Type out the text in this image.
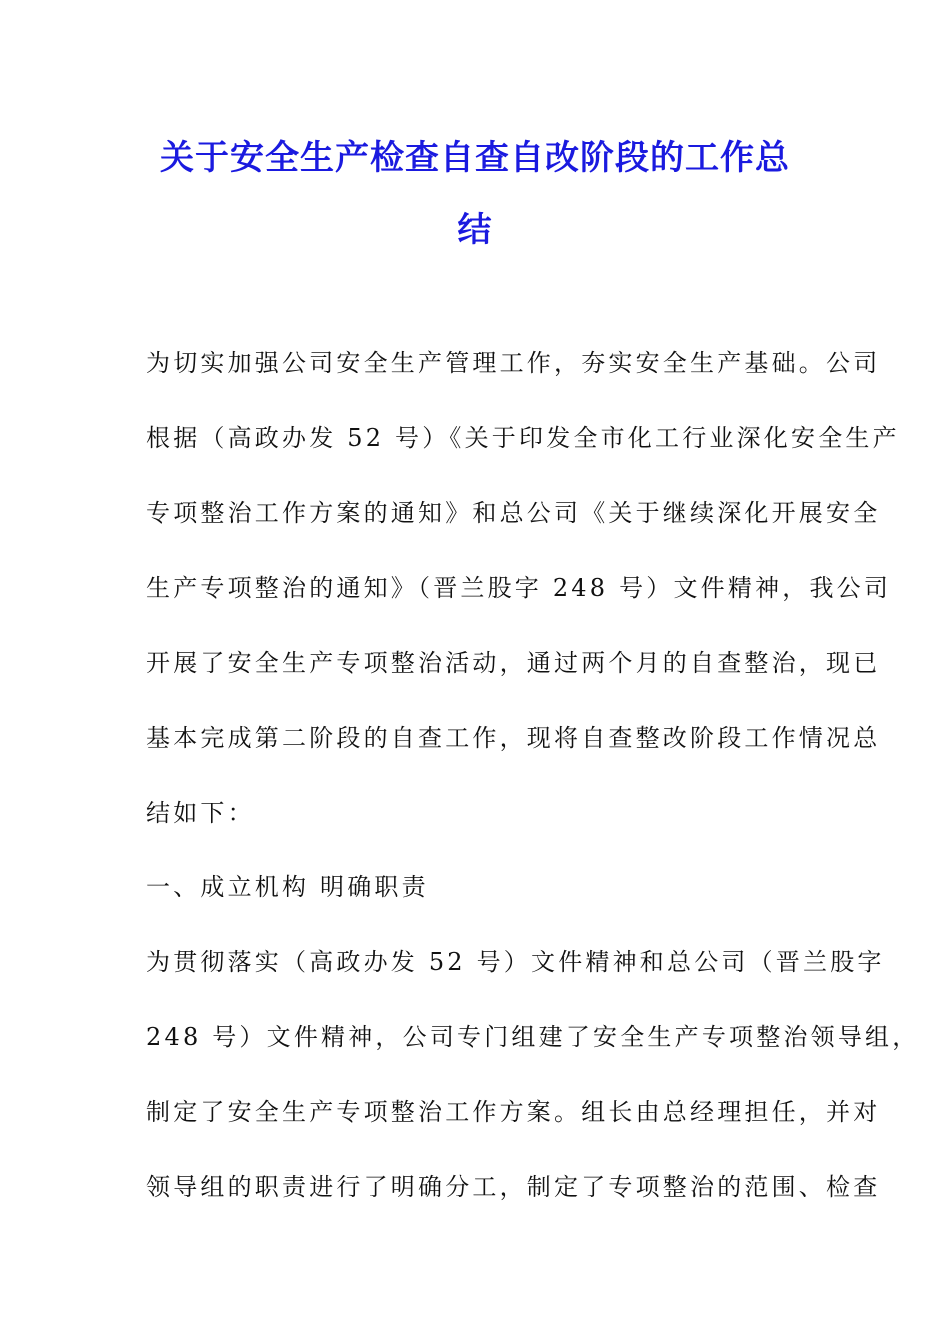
关于安全生产检查自查自改阶段的工作总
结

为切实加强公司安全生产管理工作，夯实安全生产基础。公司

根据（高政办发 52 号）《关于印发全市化工行业深化安全生产

专项整治工作方案的通知》和总公司《关于继续深化开展安全

生产专项整治的通知》（晋兰股字 248 号）文件精神，我公司

开展了安全生产专项整治活动，通过两个月的自查整治，现已

基本完成第二阶段的自查工作，现将自查整改阶段工作情况总

结如下：

一、成立机构 明确职责

为贯彻落实（高政办发 52 号）文件精神和总公司（晋兰股字

248 号）文件精神，公司专门组建了安全生产专项整治领导组，

制定了安全生产专项整治工作方案。组长由总经理担任，并对

领导组的职责进行了明确分工，制定了专项整治的范围、检查
